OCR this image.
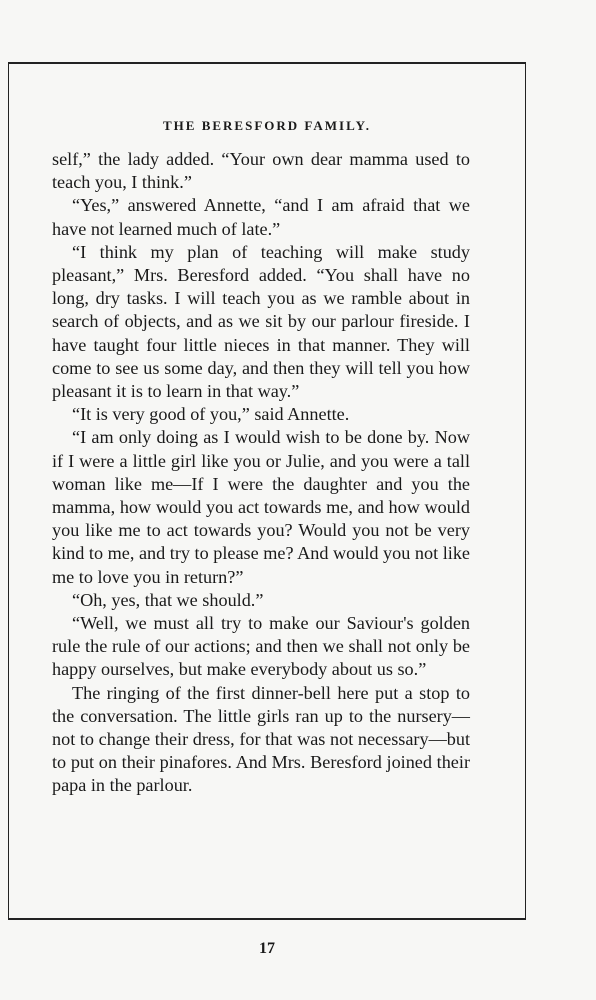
THE BERESFORD FAMILY.

self,” the lady added. “Your own dear mamma used to teach you, I think.”

“Yes,” answered Annette, “and I am afraid that we have not learned much of late.”

“I think my plan of teaching will make study pleasant,” Mrs. Beresford added. “You shall have no long, dry tasks. I will teach you as we ramble about in search of objects, and as we sit by our parlour fireside. I have taught four little nieces in that manner. They will come to see us some day, and then they will tell you how pleasant it is to learn in that way.”

“It is very good of you,” said Annette.

“I am only doing as I would wish to be done by. Now if I were a little girl like you or Julie, and you were a tall woman like me—If I were the daughter and you the mamma, how would you act towards me, and how would you like me to act towards you? Would you not be very kind to me, and try to please me? And would you not like me to love you in return?”

“Oh, yes, that we should.”

“Well, we must all try to make our Saviour's golden rule the rule of our actions; and then we shall not only be happy ourselves, but make everybody about us so.”

The ringing of the first dinner-bell here put a stop to the conversation. The little girls ran up to the nursery—not to change their dress, for that was not necessary—but to put on their pinafores. And Mrs. Beresford joined their papa in the parlour.

17
